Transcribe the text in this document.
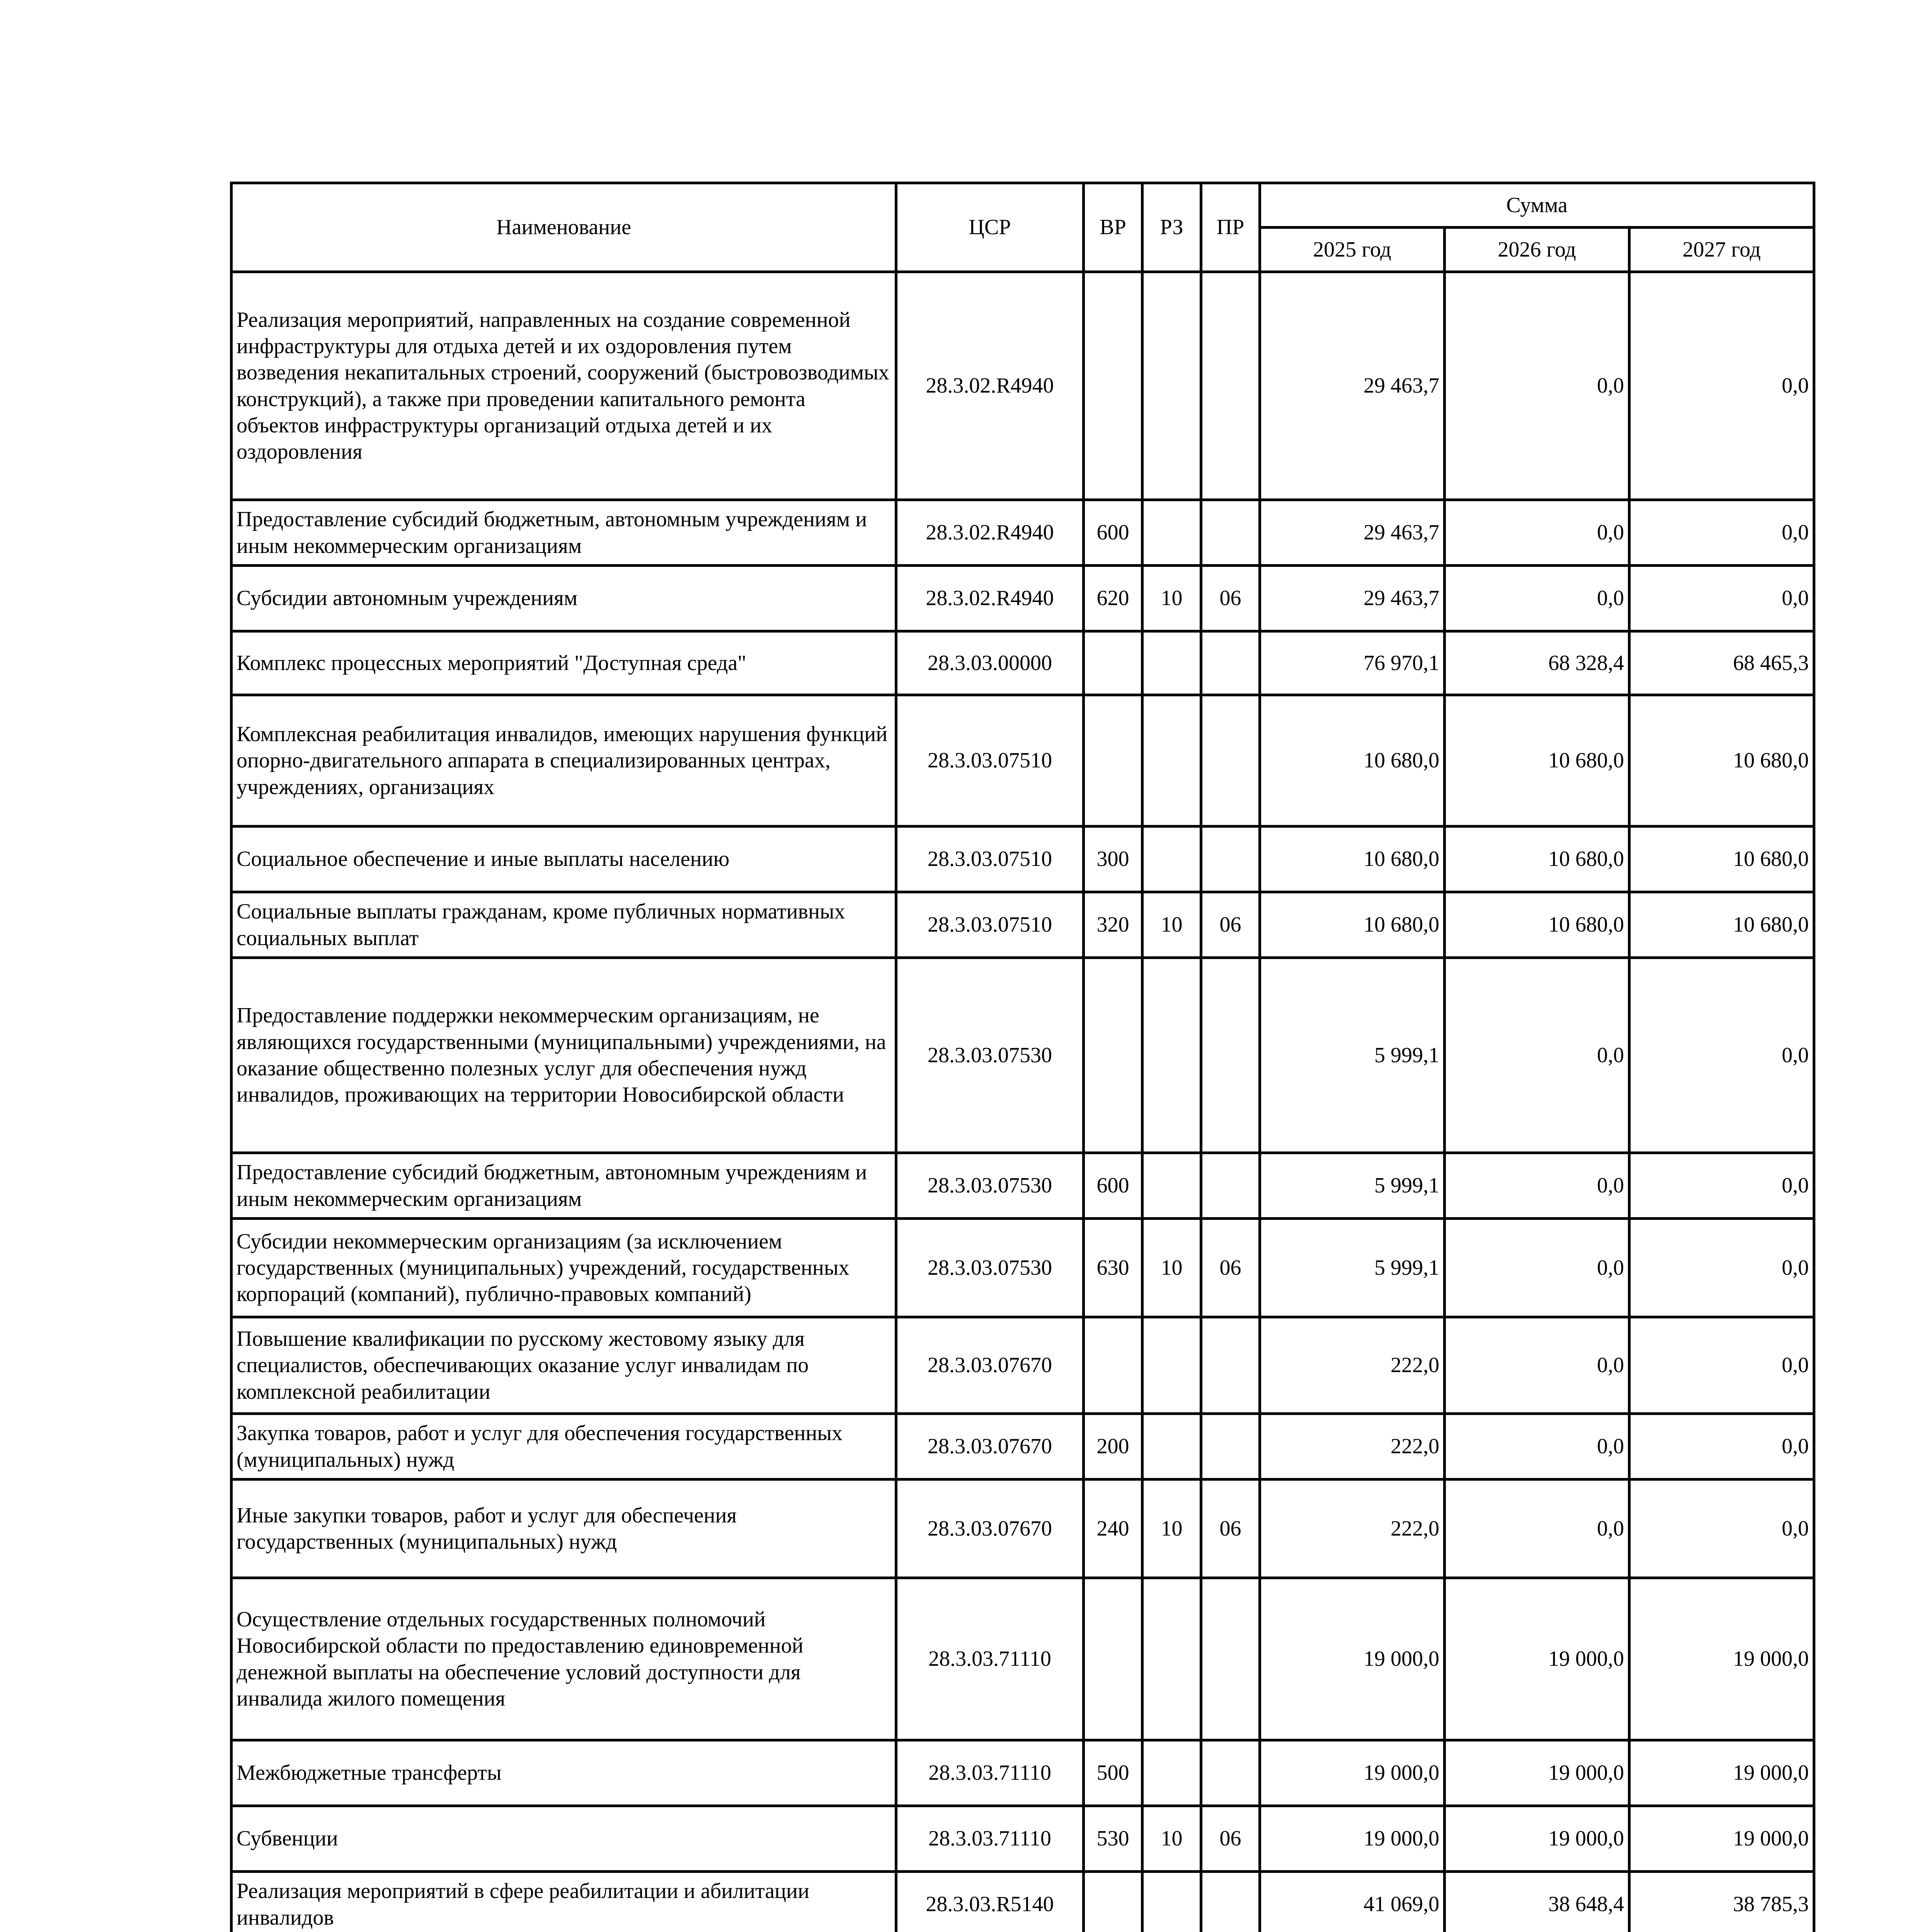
Наименование	ЦСР	ВР	РЗ	ПР	Сумма		
					2025 год	2026 год	2027 год
Реализация мероприятий, направленных на создание современной инфраструктуры для отдыха детей и их оздоровления путем возведения некапитальных строений, сооружений (быстровозводимых конструкций), а также при проведении капитального ремонта объектов инфраструктуры организаций отдыха детей и их оздоровления	28.3.02.R4940				29 463,7	0,0	0,0
Предоставление субсидий бюджетным, автономным учреждениям и иным некоммерческим организациям	28.3.02.R4940	600			29 463,7	0,0	0,0
Субсидии автономным учреждениям	28.3.02.R4940	620	10	06	29 463,7	0,0	0,0
Комплекс процессных мероприятий "Доступная среда"	28.3.03.00000				76 970,1	68 328,4	68 465,3
Комплексная реабилитация инвалидов, имеющих нарушения функций опорно-двигательного аппарата в специализированных центрах, учреждениях, организациях	28.3.03.07510				10 680,0	10 680,0	10 680,0
Социальное обеспечение и иные выплаты населению	28.3.03.07510	300			10 680,0	10 680,0	10 680,0
Социальные выплаты гражданам, кроме публичных нормативных социальных выплат	28.3.03.07510	320	10	06	10 680,0	10 680,0	10 680,0
Предоставление поддержки некоммерческим организациям, не являющихся государственными (муниципальными) учреждениями, на оказание общественно полезных услуг для обеспечения нужд инвалидов, проживающих на территории Новосибирской области	28.3.03.07530				5 999,1	0,0	0,0
Предоставление субсидий бюджетным, автономным учреждениям и иным некоммерческим организациям	28.3.03.07530	600			5 999,1	0,0	0,0
Субсидии некоммерческим организациям (за исключением государственных (муниципальных) учреждений, государственных корпораций (компаний), публично-правовых компаний)	28.3.03.07530	630	10	06	5 999,1	0,0	0,0
Повышение квалификации по русскому жестовому языку для специалистов, обеспечивающих оказание услуг инвалидам по комплексной реабилитации	28.3.03.07670				222,0	0,0	0,0
Закупка товаров, работ и услуг для обеспечения государственных (муниципальных) нужд	28.3.03.07670	200			222,0	0,0	0,0
Иные закупки товаров, работ и услуг для обеспечения государственных (муниципальных) нужд	28.3.03.07670	240	10	06	222,0	0,0	0,0
Осуществление отдельных государственных полномочий Новосибирской области по предоставлению единовременной денежной выплаты на обеспечение условий доступности для инвалида жилого помещения	28.3.03.71110				19 000,0	19 000,0	19 000,0
Межбюджетные трансферты	28.3.03.71110	500			19 000,0	19 000,0	19 000,0
Субвенции	28.3.03.71110	530	10	06	19 000,0	19 000,0	19 000,0
Реализация мероприятий в сфере реабилитации и абилитации инвалидов	28.3.03.R5140				41 069,0	38 648,4	38 785,3
